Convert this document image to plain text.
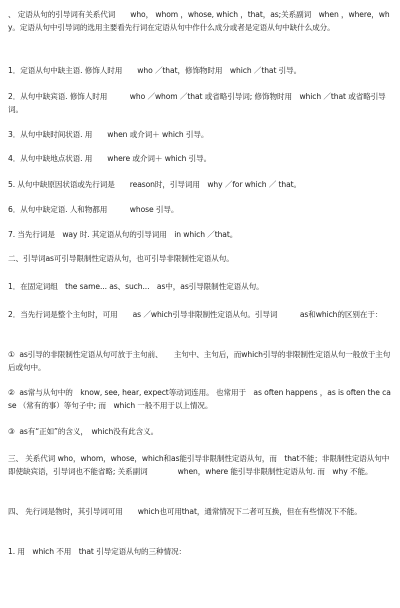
、 定语从句的引导词有关系代词　　who， whom ，whose, which ，that，as;关系副词　when ，where，why。定语从句中引导词的选用主要看先行词在定语从句中作什么成分或者是定语从句中缺什么成分。
1．定语从句中缺主语. 修饰人时用　　who ／that，修饰物时用　which ／that 引导。
2．从句中缺宾语. 修饰人时用　　　who ／whom ／that 或省略引导词; 修饰物时用　which ／that 或省略引导词。
3．从句中缺时间状语. 用　　when 或介词＋ which 引导。
4．从句中缺地点状语. 用　　where 或介词＋ which 引导。
5. 从句中缺原因状语或先行词是　　reason时，引导词用　why ／for which ／ that。
6．从句中缺定语. 人和物都用　　　whose 引导。
7. 当先行词是　way 时. 其定语从句的引导词用　in which ／that。
二、引导词as可引导限制性定语从句，也可引导非限制性定语从句。
1．在固定词组　the same... as、such...　as中，as引导限制性定语从句。
2．当先行词是整个主句时，可用　　as ／which引导非限制性定语从句。引导词　　　as和which的区别在于：
①  as引导的非限制性定语从句可放于主句前、　　主句中、主句后，而which引导的非限制性定语从句一般放于主句后或句中。
②  as常与从句中的　know, see, hear, expect等动词连用。 也常用于　as often happens ，as is often the case （常有的事）等句子中; 而　which 一般不用于以上情况。
③  as有“正如”的含义，　which没有此含义。
三、 关系代词 who，whom，whose，which和as能引导非限制性定语从句，而　that不能；非限制性定语从句中即使缺宾语，引导词也不能省略; 关系副词　　　　when，where 能引导非限制性定语从句. 而　why 不能。
四、 先行词是物时，其引导词可用　　which也可用that，通常情况下二者可互换，但在有些情况下不能。
1. 用　which 不用　that 引导定语从句的三种情况：
